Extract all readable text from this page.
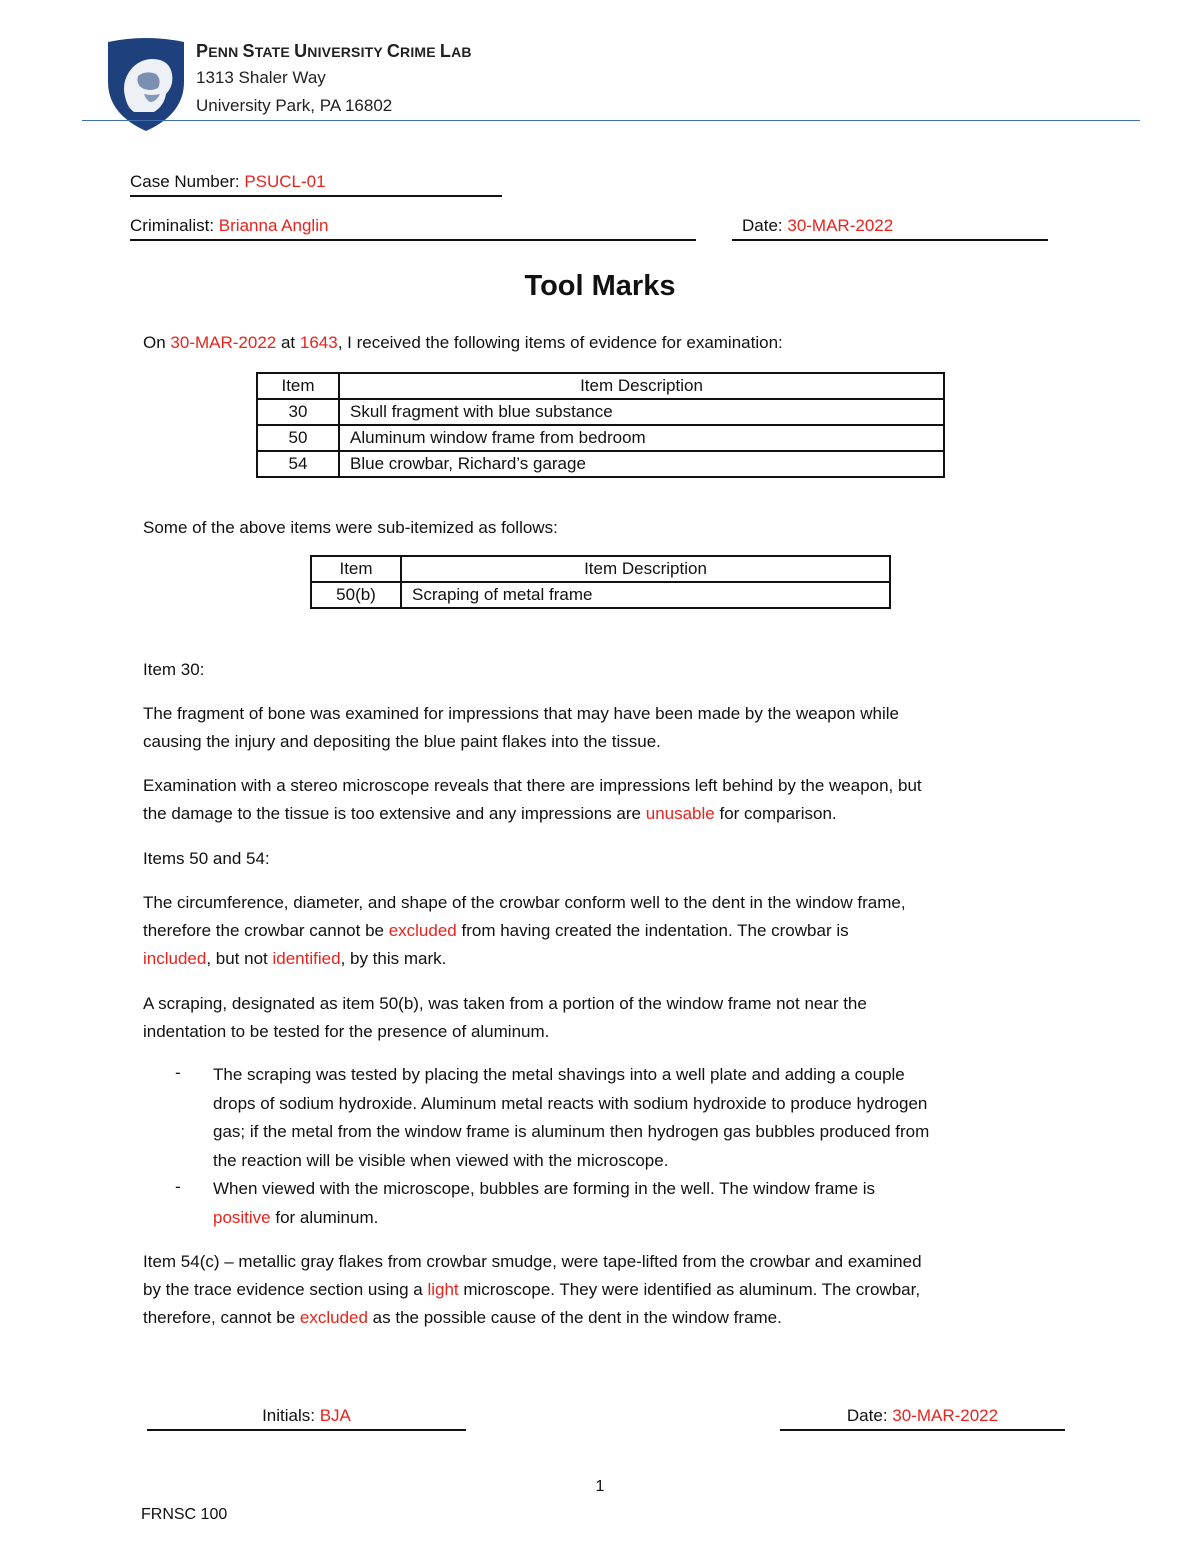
PENN STATE UNIVERSITY CRIME LAB
1313 Shaler Way
University Park, PA 16802
Case Number: PSUCL-01
Criminalist: Brianna Anglin	Date: 30-MAR-2022
Tool Marks
On 30-MAR-2022 at 1643, I received the following items of evidence for examination:
Item	Item Description
30	Skull fragment with blue substance
50	Aluminum window frame from bedroom
54	Blue crowbar, Richard’s garage
Some of the above items were sub-itemized as follows:
Item	Item Description
50(b)	Scraping of metal frame
Item 30:
The fragment of bone was examined for impressions that may have been made by the weapon while
causing the injury and depositing the blue paint flakes into the tissue.
Examination with a stereo microscope reveals that there are impressions left behind by the weapon, but
the damage to the tissue is too extensive and any impressions are unusable for comparison.
Items 50 and 54:
The circumference, diameter, and shape of the crowbar conform well to the dent in the window frame,
therefore the crowbar cannot be excluded from having created the indentation. The crowbar is
included, but not identified, by this mark.
A scraping, designated as item 50(b), was taken from a portion of the window frame not near the
indentation to be tested for the presence of aluminum.
- The scraping was tested by placing the metal shavings into a well plate and adding a couple
drops of sodium hydroxide. Aluminum metal reacts with sodium hydroxide to produce hydrogen
gas; if the metal from the window frame is aluminum then hydrogen gas bubbles produced from
the reaction will be visible when viewed with the microscope.
- When viewed with the microscope, bubbles are forming in the well. The window frame is
positive for aluminum.
Item 54(c) – metallic gray flakes from crowbar smudge, were tape-lifted from the crowbar and examined
by the trace evidence section using a light microscope. They were identified as aluminum. The crowbar,
therefore, cannot be excluded as the possible cause of the dent in the window frame.
Initials: BJA	Date: 30-MAR-2022
1
FRNSC 100
